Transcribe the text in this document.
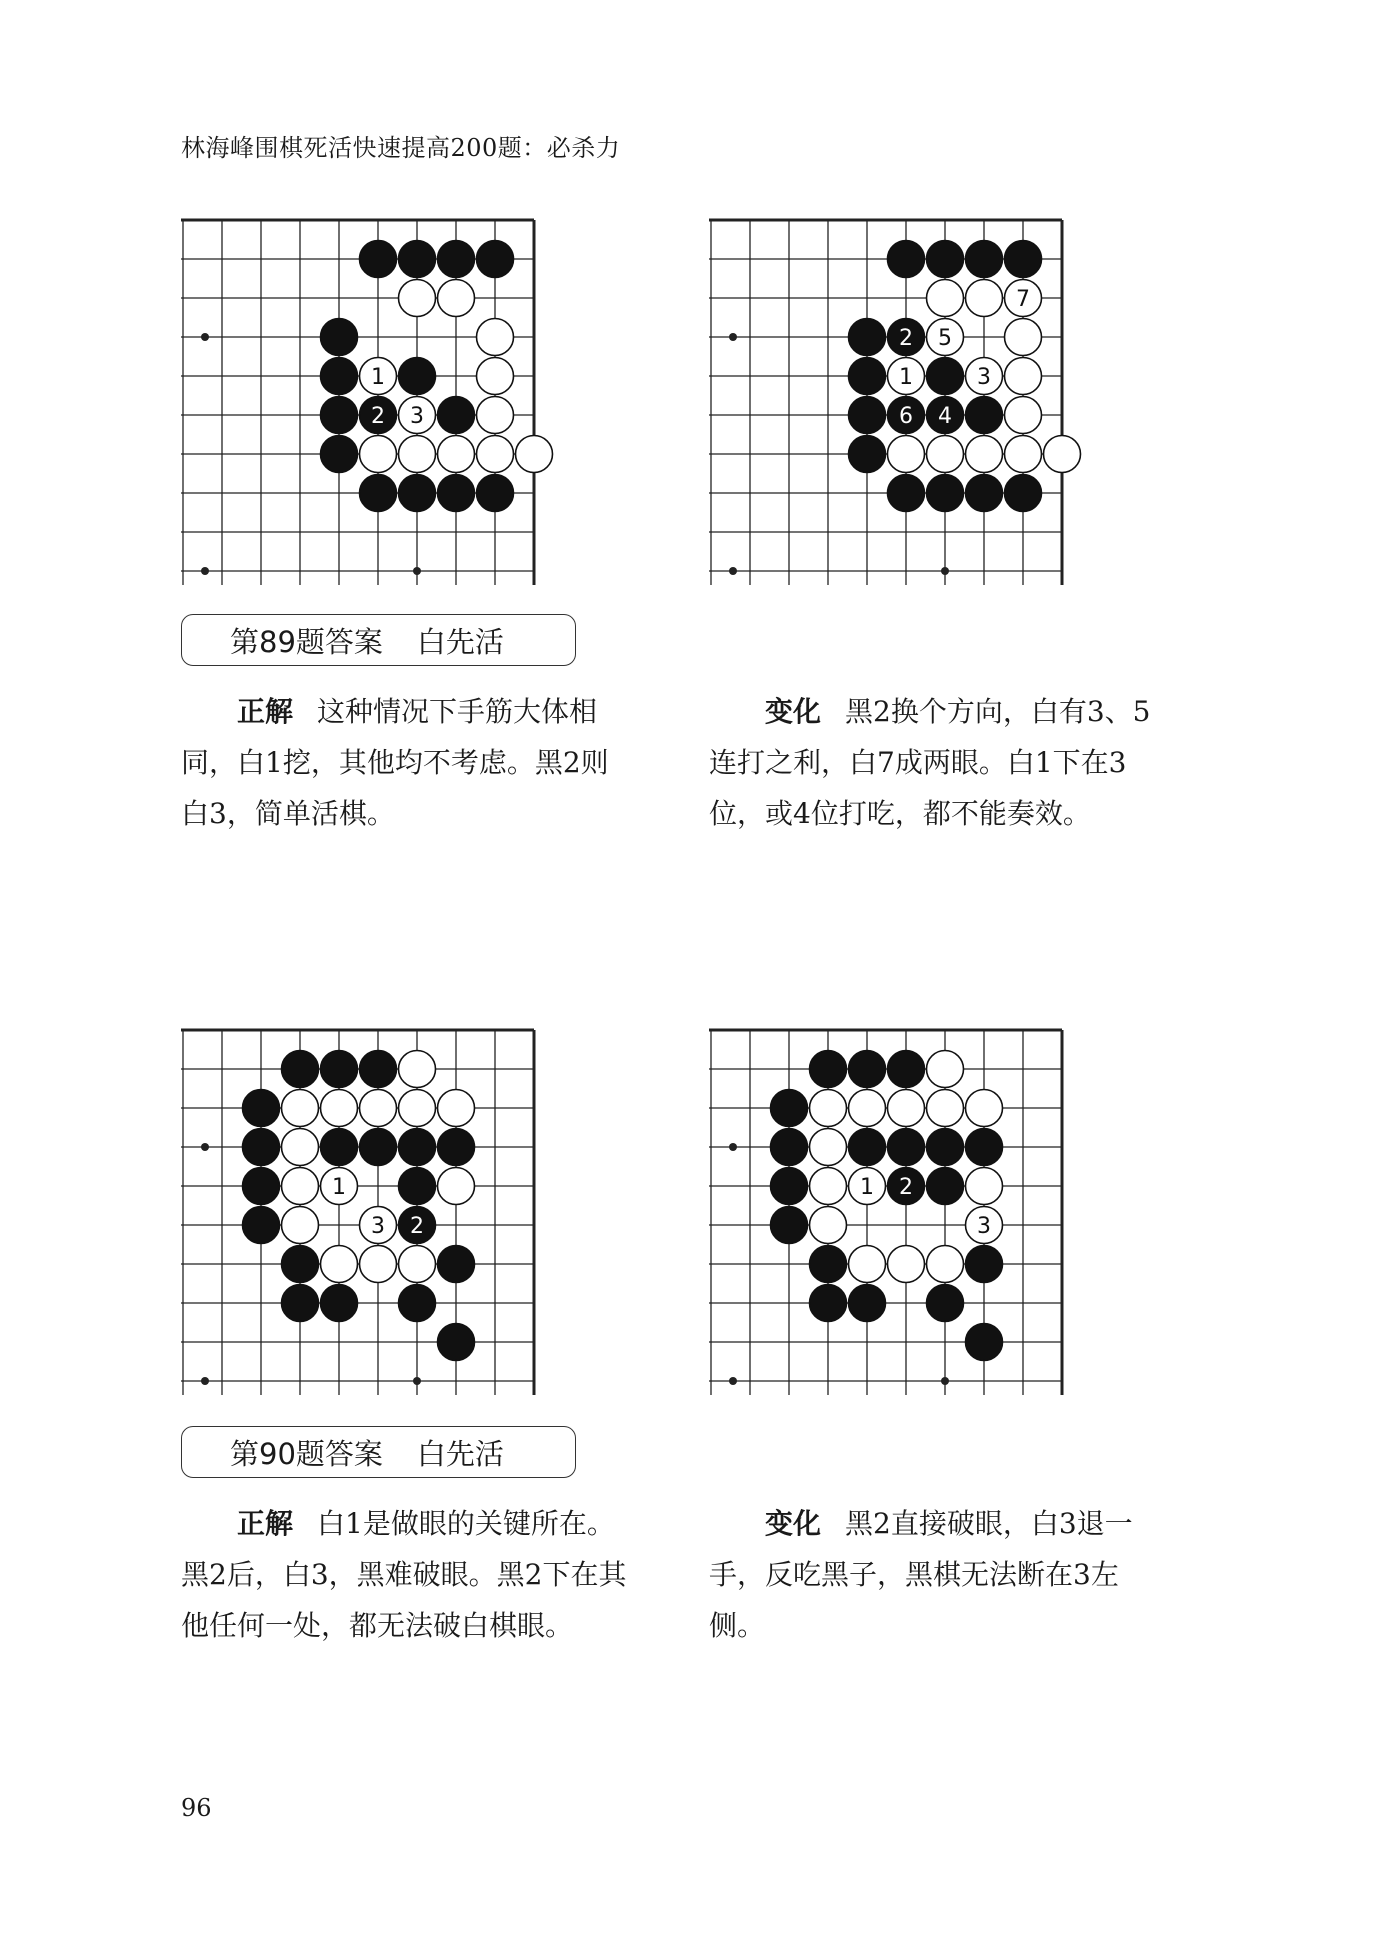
林海峰围棋死活快速提高200题：必杀力
1
2 3
7
2 5
1	3
6 4
第89题答案 白先活

正解 这种情况下手筋大体相同，白1挖，其他均不考虑。黑2则白3，简单活棋。

变化 黑2换个方向，白有3、5连打之利，白7成两眼。白1下在3位，或4位打吃，都不能奏效。

1
3 2
1 2
3
第90题答案 白先活

正解 白1是做眼的关键所在。黑2后，白3，黑难破眼。黑2下在其他任何一处，都无法破白棋眼。

变化 黑2直接破眼，白3退一手，反吃黑子，黑棋无法断在3左侧。

96
